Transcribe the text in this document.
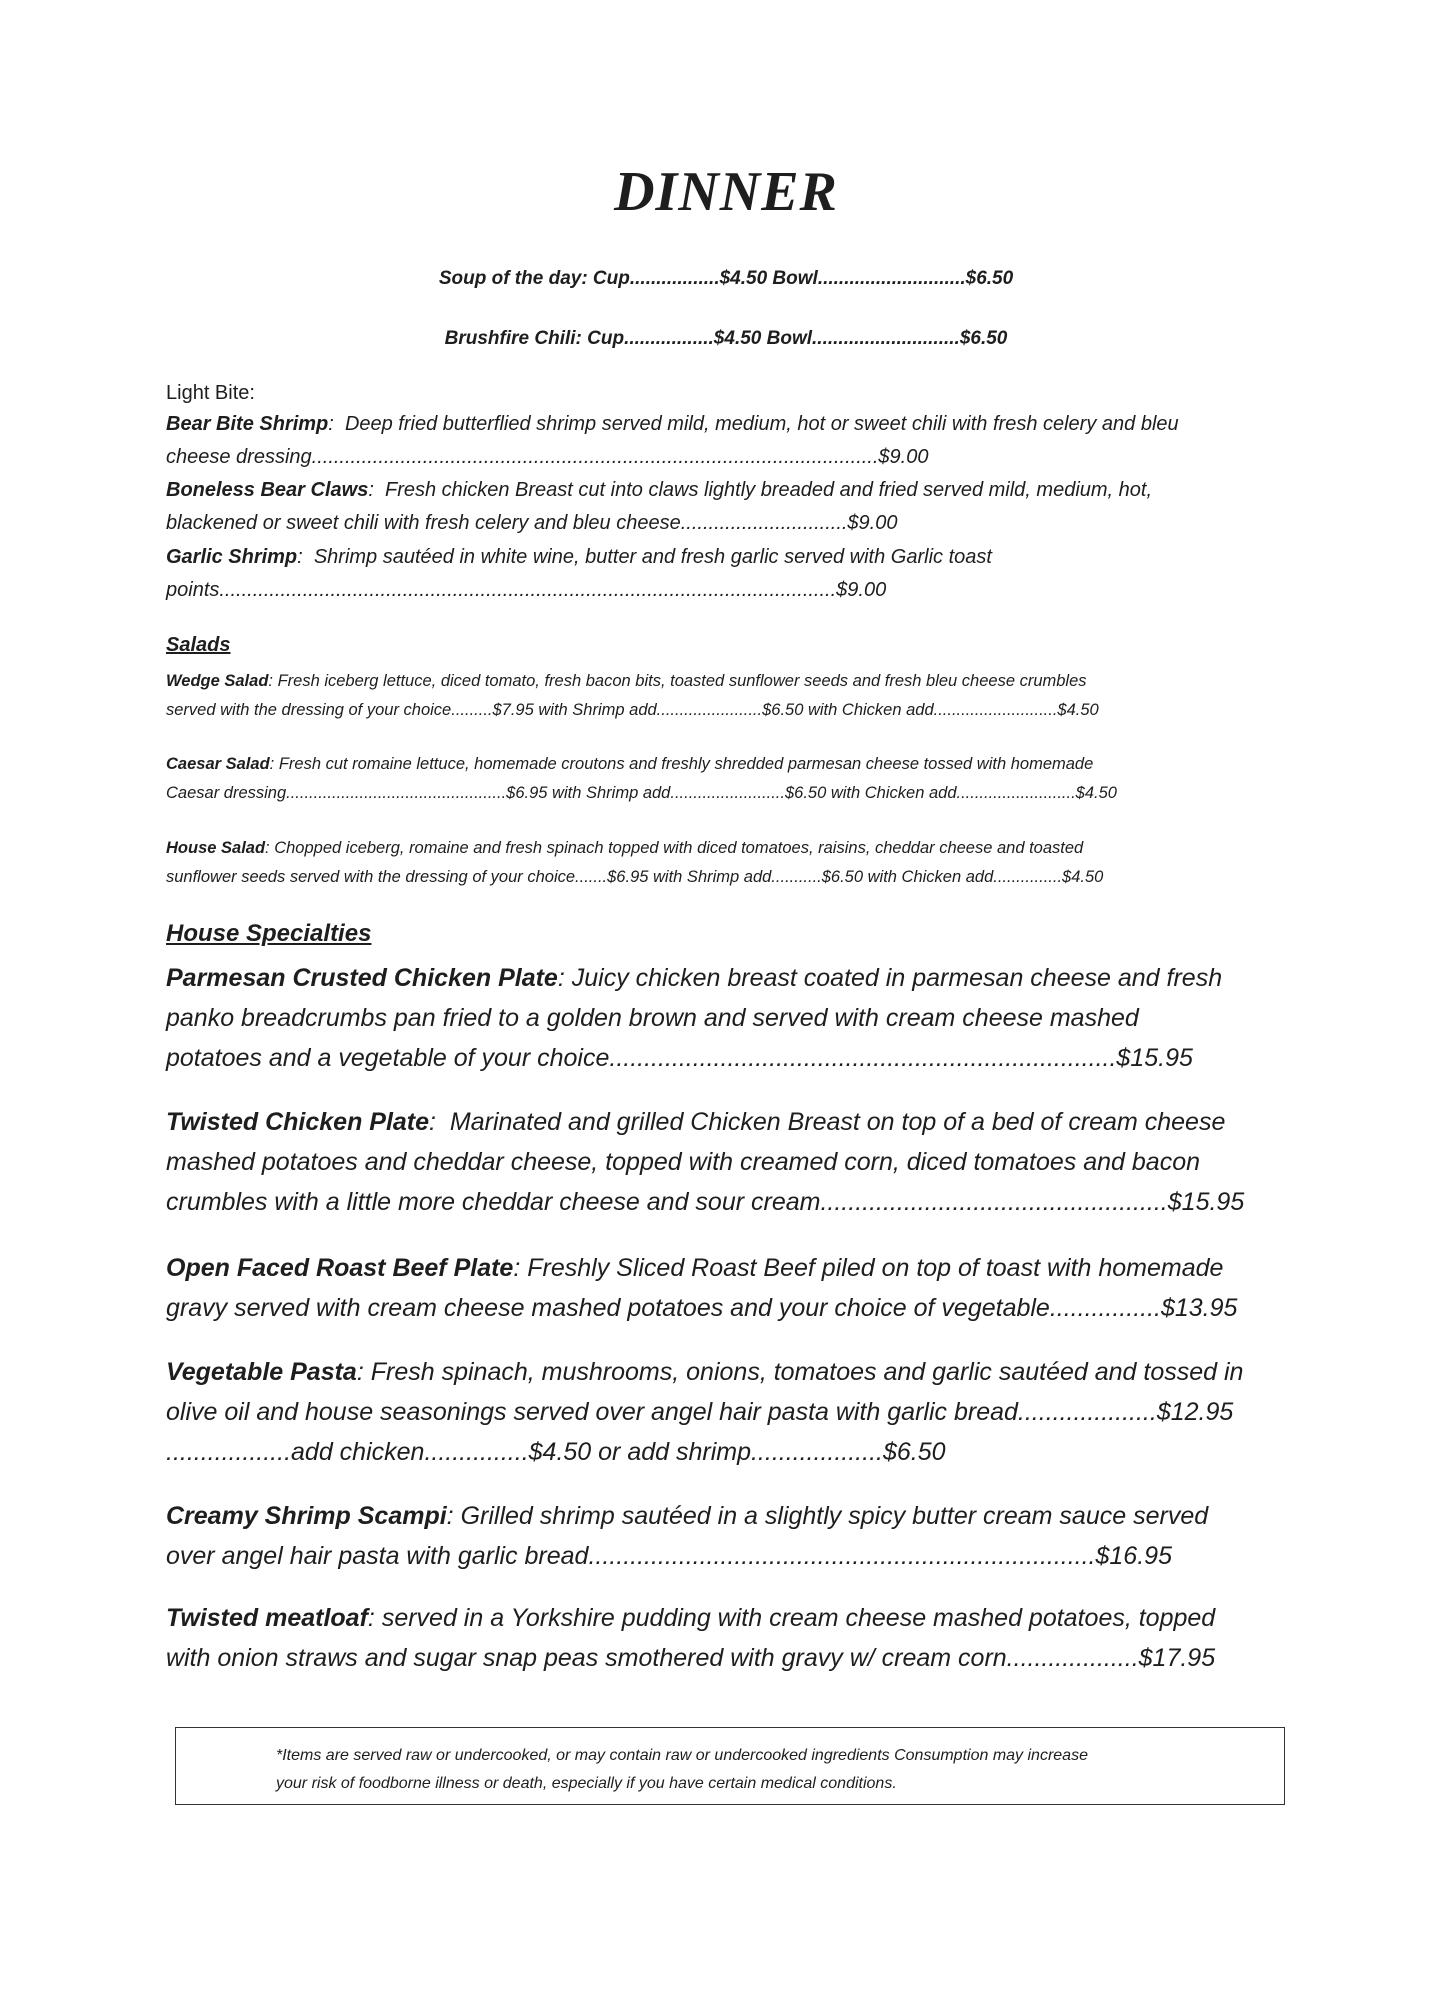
DINNER
Soup of the day: Cup.................$4.50 Bowl............................$6.50
Brushfire Chili: Cup.................$4.50 Bowl............................$6.50
Light Bite:
Bear Bite Shrimp:  Deep fried butterflied shrimp served mild, medium, hot or sweet chili with fresh celery and bleu
cheese dressing......................................................................................................$9.00
Boneless Bear Claws:  Fresh chicken Breast cut into claws lightly breaded and fried served mild, medium, hot,
blackened or sweet chili with fresh celery and bleu cheese..............................$9.00
Garlic Shrimp:  Shrimp sautéed in white wine, butter and fresh garlic served with Garlic toast
points...............................................................................................................$9.00
Salads
Wedge Salad: Fresh iceberg lettuce, diced tomato, fresh bacon bits, toasted sunflower seeds and fresh bleu cheese crumbles
served with the dressing of your choice.........$7.95 with Shrimp add.......................$6.50 with Chicken add...........................$4.50
Caesar Salad: Fresh cut romaine lettuce, homemade croutons and freshly shredded parmesan cheese tossed with homemade
Caesar dressing................................................$6.95 with Shrimp add.........................$6.50 with Chicken add..........................$4.50
House Salad: Chopped iceberg, romaine and fresh spinach topped with diced tomatoes, raisins, cheddar cheese and toasted
sunflower seeds served with the dressing of your choice.......$6.95 with Shrimp add...........$6.50 with Chicken add...............$4.50
House Specialties
Parmesan Crusted Chicken Plate: Juicy chicken breast coated in parmesan cheese and fresh
panko breadcrumbs pan fried to a golden brown and served with cream cheese mashed
potatoes and a vegetable of your choice.........................................................................$15.95
Twisted Chicken Plate:  Marinated and grilled Chicken Breast on top of a bed of cream cheese
mashed potatoes and cheddar cheese, topped with creamed corn, diced tomatoes and bacon
crumbles with a little more cheddar cheese and sour cream..................................................$15.95
Open Faced Roast Beef Plate: Freshly Sliced Roast Beef piled on top of toast with homemade
gravy served with cream cheese mashed potatoes and your choice of vegetable................$13.95
Vegetable Pasta: Fresh spinach, mushrooms, onions, tomatoes and garlic sautéed and tossed in
olive oil and house seasonings served over angel hair pasta with garlic bread....................$12.95
..................add chicken...............$4.50 or add shrimp...................$6.50
Creamy Shrimp Scampi: Grilled shrimp sautéed in a slightly spicy butter cream sauce served
over angel hair pasta with garlic bread.........................................................................$16.95
Twisted meatloaf: served in a Yorkshire pudding with cream cheese mashed potatoes, topped
with onion straws and sugar snap peas smothered with gravy w/ cream corn...................$17.95
*Items are served raw or undercooked, or may contain raw or undercooked ingredients Consumption may increase
your risk of foodborne illness or death, especially if you have certain medical conditions.
